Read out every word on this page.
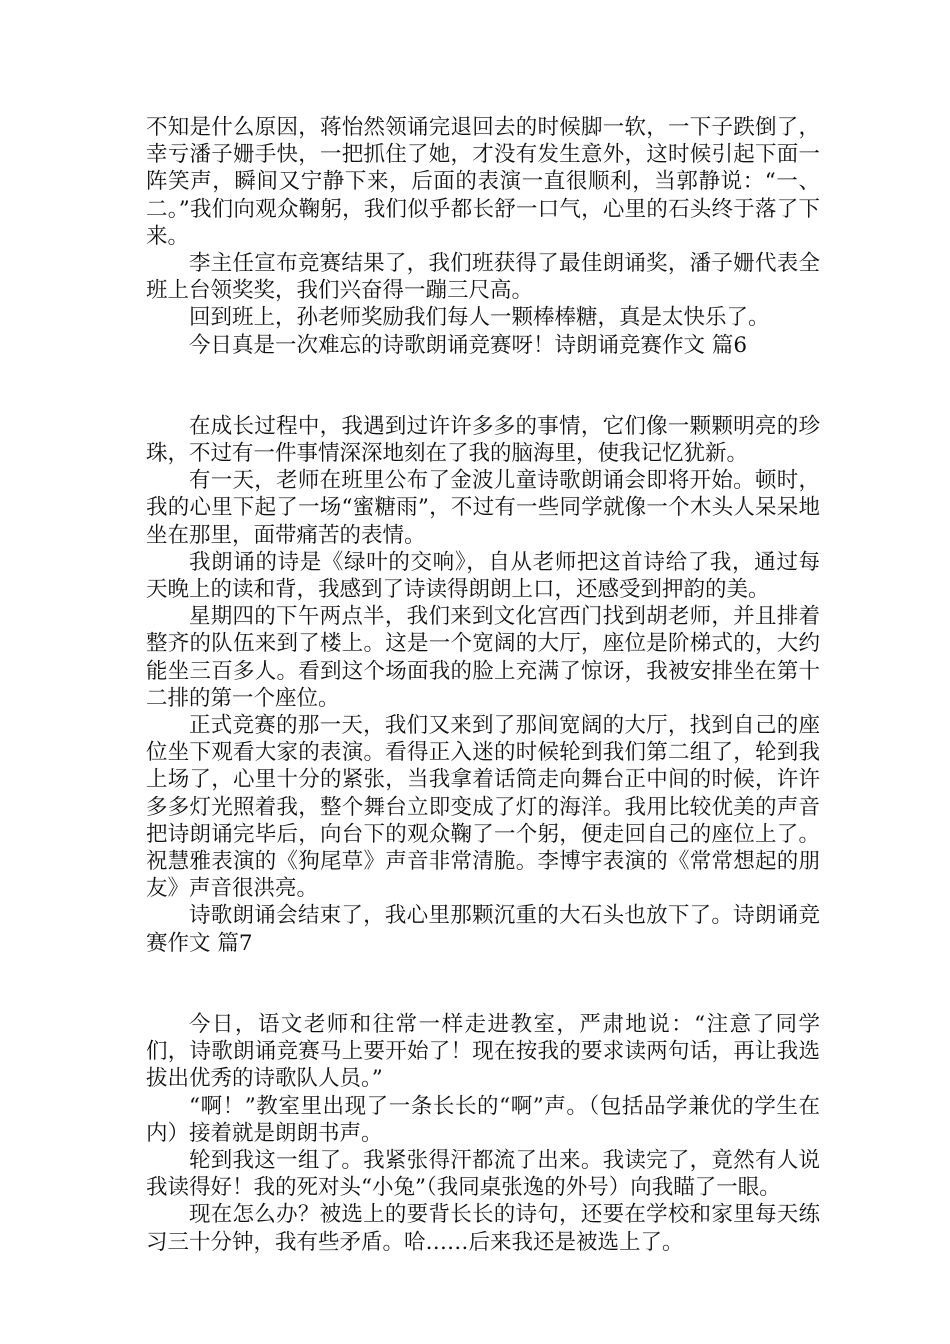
不知是什么原因，蒋怡然领诵完退回去的时候脚一软，一下子跌倒了，幸亏潘子姗手快，一把抓住了她，才没有发生意外，这时候引起下面一阵笑声，瞬间又宁静下来，后面的表演一直很顺利，当郭静说：“一、二。”我们向观众鞠躬，我们似乎都长舒一口气，心里的石头终于落了下来。

李主任宣布竞赛结果了，我们班获得了最佳朗诵奖，潘子姗代表全班上台领奖奖，我们兴奋得一蹦三尺高。

回到班上，孙老师奖励我们每人一颗棒棒糖，真是太快乐了。

今日真是一次难忘的诗歌朗诵竞赛呀！诗朗诵竞赛作文 篇6

在成长过程中，我遇到过许许多多的事情，它们像一颗颗明亮的珍珠，不过有一件事情深深地刻在了我的脑海里，使我记忆犹新。

有一天，老师在班里公布了金波儿童诗歌朗诵会即将开始。顿时，我的心里下起了一场“蜜糖雨”，不过有一些同学就像一个木头人呆呆地坐在那里，面带痛苦的表情。

我朗诵的诗是《绿叶的交响》，自从老师把这首诗给了我，通过每天晚上的读和背，我感到了诗读得朗朗上口，还感受到押韵的美。

星期四的下午两点半，我们来到文化宫西门找到胡老师，并且排着整齐的队伍来到了楼上。这是一个宽阔的大厅，座位是阶梯式的，大约能坐三百多人。看到这个场面我的脸上充满了惊讶，我被安排坐在第十二排的第一个座位。

正式竞赛的那一天，我们又来到了那间宽阔的大厅，找到自己的座位坐下观看大家的表演。看得正入迷的时候轮到我们第二组了，轮到我上场了，心里十分的紧张，当我拿着话筒走向舞台正中间的时候，许许多多灯光照着我，整个舞台立即变成了灯的海洋。我用比较优美的声音把诗朗诵完毕后，向台下的观众鞠了一个躬，便走回自己的座位上了。祝慧雅表演的《狗尾草》声音非常清脆。李博宇表演的《常常想起的朋友》声音很洪亮。

诗歌朗诵会结束了，我心里那颗沉重的大石头也放下了。诗朗诵竞赛作文 篇7

今日，语文老师和往常一样走进教室，严肃地说：“注意了同学们，诗歌朗诵竞赛马上要开始了！现在按我的要求读两句话，再让我选拔出优秀的诗歌队人员。”

“啊！”教室里出现了一条长长的“啊”声。（包括品学兼优的学生在内）接着就是朗朗书声。

轮到我这一组了。我紧张得汗都流了出来。我读完了，竟然有人说我读得好！我的死对头“小兔”（我同桌张逸的外号）向我瞄了一眼。

现在怎么办？被选上的要背长长的诗句，还要在学校和家里每天练习三十分钟，我有些矛盾。哈……后来我还是被选上了。
